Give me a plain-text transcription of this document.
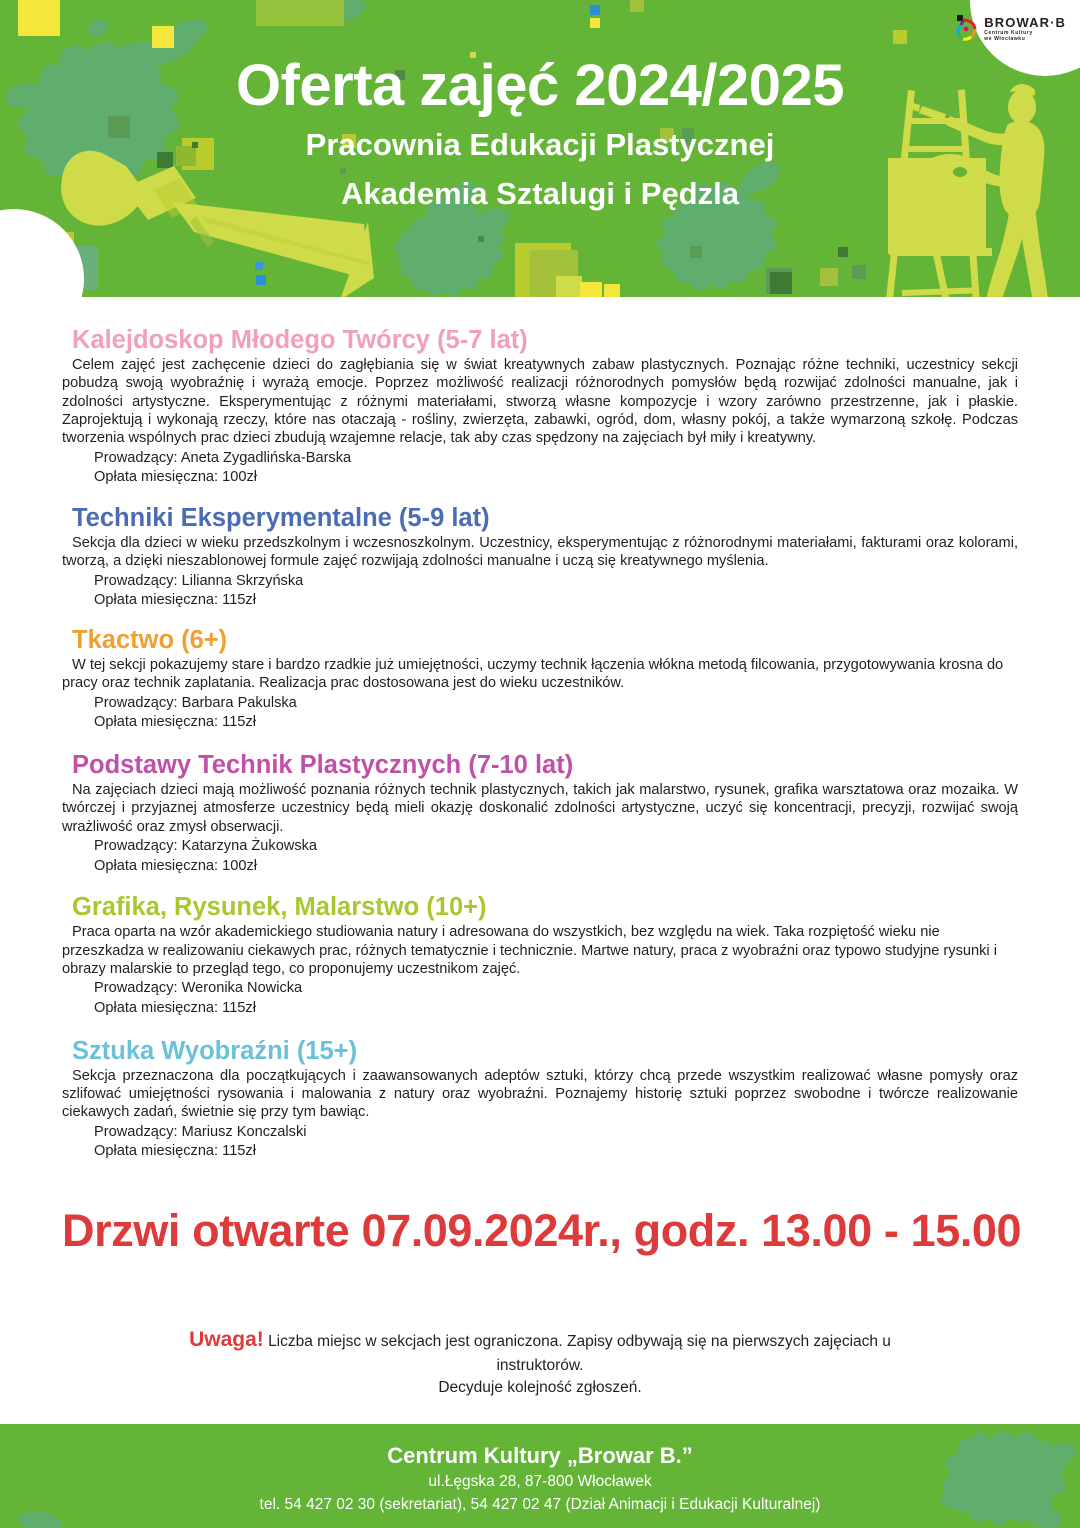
BROWAR·B
Centrum Kultury
we Włocławku
Oferta zajęć 2024/2025
Pracownia Edukacji Plastycznej
Akademia Sztalugi i Pędzla
Kalejdoskop Młodego Twórcy (5-7 lat)
Celem zajęć jest zachęcenie dzieci do zagłębiania się w świat kreatywnych zabaw plastycznych. Poznając różne techniki, uczestnicy sekcji pobudzą swoją wyobraźnię i wyrażą emocje. Poprzez możliwość realizacji różnorodnych pomysłów będą rozwijać zdolności manualne, jak i zdolności artystyczne. Eksperymentując z różnymi materiałami, stworzą własne kompozycje i wzory zarówno przestrzenne, jak i płaskie. Zaprojektują i wykonają rzeczy, które nas otaczają - rośliny, zwierzęta, zabawki, ogród, dom, własny pokój, a także wymarzoną szkołę. Podczas tworzenia wspólnych prac dzieci zbudują wzajemne relacje, tak aby czas spędzony na zajęciach był miły i kreatywny.
Prowadzący: Aneta Zygadlińska-Barska
Opłata miesięczna: 100zł
Techniki Eksperymentalne (5-9 lat)
Sekcja dla dzieci w wieku przedszkolnym i wczesnoszkolnym. Uczestnicy, eksperymentując z różnorodnymi materiałami, fakturami oraz kolorami, tworzą, a dzięki nieszablonowej formule zajęć rozwijają zdolności manualne i uczą się kreatywnego myślenia.
Prowadzący: Lilianna Skrzyńska
Opłata miesięczna: 115zł
Tkactwo (6+)
W tej sekcji pokazujemy stare i bardzo rzadkie już umiejętności, uczymy technik łączenia włókna metodą filcowania, przygotowywania krosna do pracy oraz technik zaplatania. Realizacja prac dostosowana jest do wieku uczestników.
Prowadzący: Barbara Pakulska
Opłata miesięczna: 115zł
Podstawy Technik Plastycznych (7-10 lat)
Na zajęciach dzieci mają możliwość poznania różnych technik plastycznych, takich jak malarstwo, rysunek, grafika warsztatowa oraz mozaika. W twórczej i przyjaznej atmosferze uczestnicy będą mieli okazję doskonalić zdolności artystyczne, uczyć się koncentracji, precyzji, rozwijać swoją wrażliwość oraz zmysł obserwacji.
Prowadzący: Katarzyna Żukowska
Opłata miesięczna: 100zł
Grafika, Rysunek, Malarstwo (10+)
Praca oparta na wzór akademickiego studiowania natury i adresowana do wszystkich, bez względu na wiek. Taka rozpiętość wieku nie przeszkadza w realizowaniu ciekawych prac, różnych tematycznie i technicznie. Martwe natury, praca z wyobraźni oraz typowo studyjne rysunki i obrazy malarskie to przegląd tego, co proponujemy uczestnikom zajęć.
Prowadzący: Weronika Nowicka
Opłata miesięczna: 115zł
Sztuka Wyobraźni (15+)
Sekcja przeznaczona dla początkujących i zaawansowanych adeptów sztuki, którzy chcą przede wszystkim realizować własne pomysły oraz szlifować umiejętności rysowania i malowania z natury oraz wyobraźni. Poznajemy historię sztuki poprzez swobodne i twórcze realizowanie ciekawych zadań, świetnie się przy tym bawiąc.
Prowadzący: Mariusz Konczalski
Opłata miesięczna: 115zł
Drzwi otwarte 07.09.2024r., godz. 13.00 - 15.00
Uwaga! Liczba miejsc w sekcjach jest ograniczona. Zapisy odbywają się na pierwszych zajęciach u instruktorów.
Decyduje kolejność zgłoszeń.
Centrum Kultury „Browar B.”
ul.Łęgska 28, 87-800 Włocławek
tel. 54 427 02 30 (sekretariat), 54 427 02 47 (Dział Animacji i Edukacji Kulturalnej)
